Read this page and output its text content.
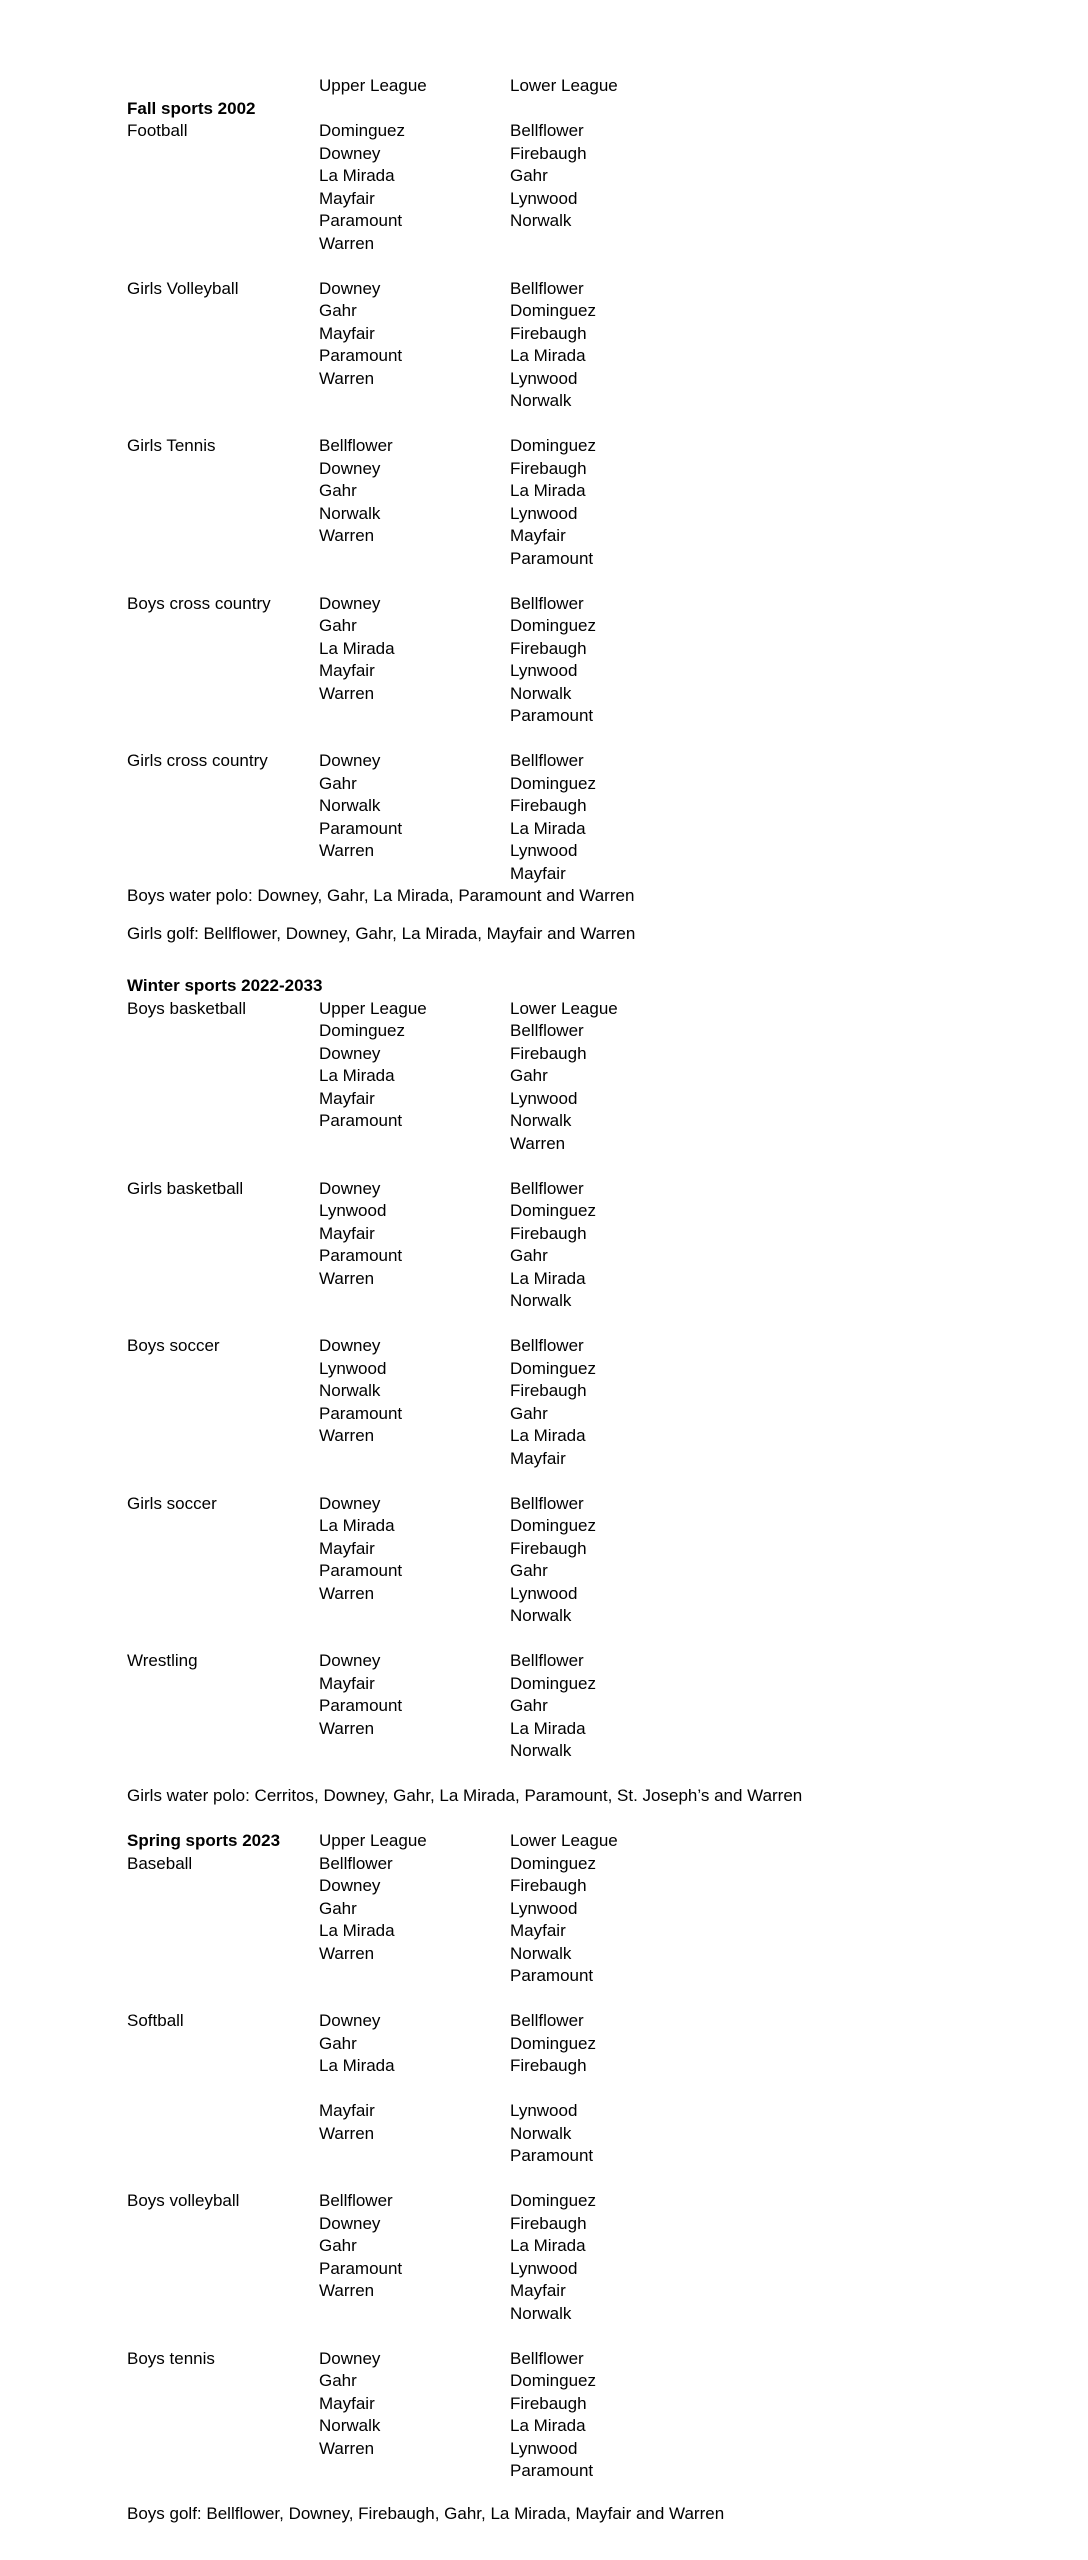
Upper League	Lower League
Fall sports 2002
Football	Dominguez	Bellflower
Downey	Firebaugh
La Mirada	Gahr
Mayfair	Lynwood
Paramount	Norwalk
Warren
Girls Volleyball	Downey	Bellflower
Gahr	Dominguez
Mayfair	Firebaugh
Paramount	La Mirada
Warren	Lynwood
Norwalk
Girls Tennis	Bellflower	Dominguez
Downey	Firebaugh
Gahr	La Mirada
Norwalk	Lynwood
Warren	Mayfair
Paramount
Boys cross country	Downey	Bellflower
Gahr	Dominguez
La Mirada	Firebaugh
Mayfair	Lynwood
Warren	Norwalk
Paramount
Girls cross country	Downey	Bellflower
Gahr	Dominguez
Norwalk	Firebaugh
Paramount	La Mirada
Warren	Lynwood
Mayfair
Boys water polo: Downey, Gahr, La Mirada, Paramount and Warren
Girls golf: Bellflower, Downey, Gahr, La Mirada, Mayfair and Warren
Winter sports 2022-2033
Boys basketball	Upper League	Lower League
Dominguez	Bellflower
Downey	Firebaugh
La Mirada	Gahr
Mayfair	Lynwood
Paramount	Norwalk
Warren
Girls basketball	Downey	Bellflower
Lynwood	Dominguez
Mayfair	Firebaugh
Paramount	Gahr
Warren	La Mirada
Norwalk
Boys soccer	Downey	Bellflower
Lynwood	Dominguez
Norwalk	Firebaugh
Paramount	Gahr
Warren	La Mirada
Mayfair
Girls soccer	Downey	Bellflower
La Mirada	Dominguez
Mayfair	Firebaugh
Paramount	Gahr
Warren	Lynwood
Norwalk
Wrestling	Downey	Bellflower
Mayfair	Dominguez
Paramount	Gahr
Warren	La Mirada
Norwalk
Girls water polo: Cerritos, Downey, Gahr, La Mirada, Paramount, St. Joseph’s and Warren
Spring sports 2023	Upper League	Lower League
Baseball	Bellflower	Dominguez
Downey	Firebaugh
Gahr	Lynwood
La Mirada	Mayfair
Warren	Norwalk
Paramount
Softball	Downey	Bellflower
Gahr	Dominguez
La Mirada	Firebaugh
Mayfair	Lynwood
Warren	Norwalk
Paramount
Boys volleyball	Bellflower	Dominguez
Downey	Firebaugh
Gahr	La Mirada
Paramount	Lynwood
Warren	Mayfair
Norwalk
Boys tennis	Downey	Bellflower
Gahr	Dominguez
Mayfair	Firebaugh
Norwalk	La Mirada
Warren	Lynwood
Paramount
Boys golf: Bellflower, Downey, Firebaugh, Gahr, La Mirada, Mayfair and Warren
